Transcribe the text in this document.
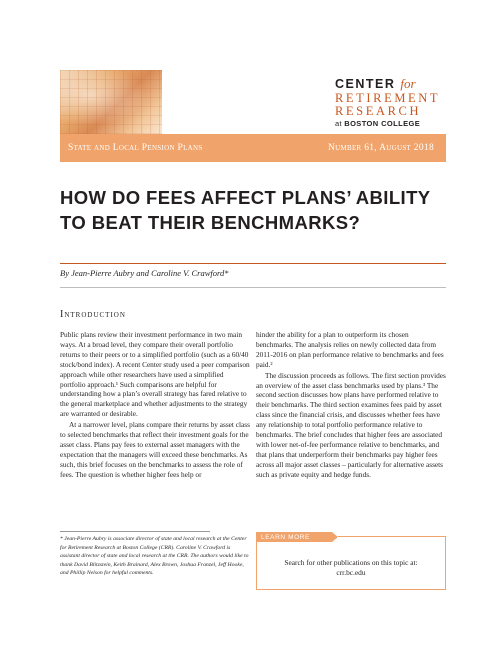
CENTER for
RETIREMENT
RESEARCH
at BOSTON COLLEGE
State and Local Pension Plans	Number 61, August 2018
HOW DO FEES AFFECT PLANS’ ABILITY TO BEAT THEIR BENCHMARKS?
By Jean-Pierre Aubry and Caroline V. Crawford*
Introduction

Public plans review their investment performance in two main ways. At a broad level, they compare their overall portfolio returns to their peers or to a simplified portfolio (such as a 60/40 stock/bond index). A recent Center study used a peer comparison approach while other researchers have used a simplified portfolio approach.¹ Such comparisons are helpful for understanding how a plan’s overall strategy has fared relative to the general marketplace and whether adjustments to the strategy are warranted or desirable.

At a narrower level, plans compare their returns by asset class to selected benchmarks that reflect their investment goals for the asset class. Plans pay fees to external asset managers with the expectation that the managers will exceed these benchmarks. As such, this brief focuses on the benchmarks to assess the role of fees. The question is whether higher fees help or

hinder the ability for a plan to outperform its chosen benchmarks. The analysis relies on newly collected data from 2011-2016 on plan performance relative to benchmarks and fees paid.²

The discussion proceeds as follows. The first section provides an overview of the asset class benchmarks used by plans.³ The second section discusses how plans have performed relative to their benchmarks. The third section examines fees paid by asset class since the financial crisis, and discusses whether fees have any relationship to total portfolio performance relative to benchmarks. The brief concludes that higher fees are associated with lower net-of-fee performance relative to benchmarks, and that plans that underperform their benchmarks pay higher fees across all major asset classes – particularly for alternative assets such as private equity and hedge funds.

* Jean-Pierre Aubry is associate director of state and local research at the Center for Retirement Research at Boston College (CRR). Caroline V. Crawford is assistant director of state and local research at the CRR. The authors would like to thank David Blitzstein, Keith Brainard, Alex Brown, Joshua Franzel, Jeff Hooke, and Phillip Nelson for helpful comments.
LEARN MORE
Search for other publications on this topic at:
crr.bc.edu
